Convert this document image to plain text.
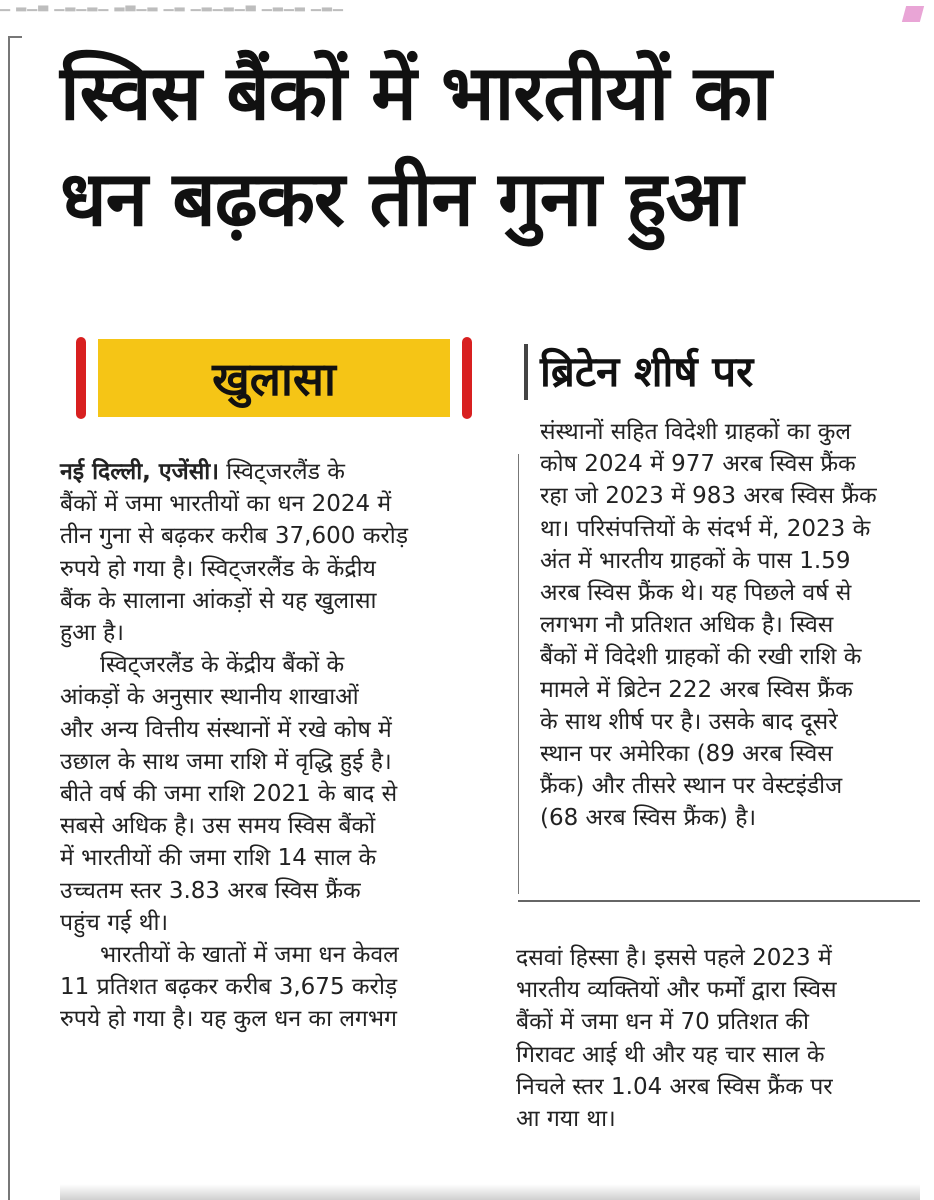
▁ ▂▁▃ ▁▂▁▂▁ ▂▃▁▂ ▁▂ ▁▂▁▂▁▃ ▁▂▁▂ ▁▂▁
स्विस बैंकों में भारतीयों का
धन बढ़कर तीन गुना हुआ
खुलासा	ब्रिटेन शीर्ष पर
नई दिल्ली, एजेंसी। स्विट्जरलैंड के
बैंकों में जमा भारतीयों का धन 2024 में
तीन गुना से बढ़कर करीब 37,600 करोड़
रुपये हो गया है। स्विट्जरलैंड के केंद्रीय
बैंक के सालाना आंकड़ों से यह खुलासा
हुआ है।
स्विट्जरलैंड के केंद्रीय बैंकों के
आंकड़ों के अनुसार स्थानीय शाखाओं
और अन्य वित्तीय संस्थानों में रखे कोष में
उछाल के साथ जमा राशि में वृद्धि हुई है।
बीते वर्ष की जमा राशि 2021 के बाद से
सबसे अधिक है। उस समय स्विस बैंकों
में भारतीयों की जमा राशि 14 साल के
उच्चतम स्तर 3.83 अरब स्विस फ्रैंक
पहुंच गई थी।
भारतीयों के खातों में जमा धन केवल
11 प्रतिशत बढ़कर करीब 3,675 करोड़
रुपये हो गया है। यह कुल धन का लगभग
संस्थानों सहित विदेशी ग्राहकों का कुल
कोष 2024 में 977 अरब स्विस फ्रैंक
रहा जो 2023 में 983 अरब स्विस फ्रैंक
था। परिसंपत्तियों के संदर्भ में, 2023 के
अंत में भारतीय ग्राहकों के पास 1.59
अरब स्विस फ्रैंक थे। यह पिछले वर्ष से
लगभग नौ प्रतिशत अधिक है। स्विस
बैंकों में विदेशी ग्राहकों की रखी राशि के
मामले में ब्रिटेन 222 अरब स्विस फ्रैंक
के साथ शीर्ष पर है। उसके बाद दूसरे
स्थान पर अमेरिका (89 अरब स्विस
फ्रैंक) और तीसरे स्थान पर वेस्टइंडीज
(68 अरब स्विस फ्रैंक) है।
दसवां हिस्सा है। इससे पहले 2023 में
भारतीय व्यक्तियों और फर्मों द्वारा स्विस
बैंकों में जमा धन में 70 प्रतिशत की
गिरावट आई थी और यह चार साल के
निचले स्तर 1.04 अरब स्विस फ्रैंक पर
आ गया था।
